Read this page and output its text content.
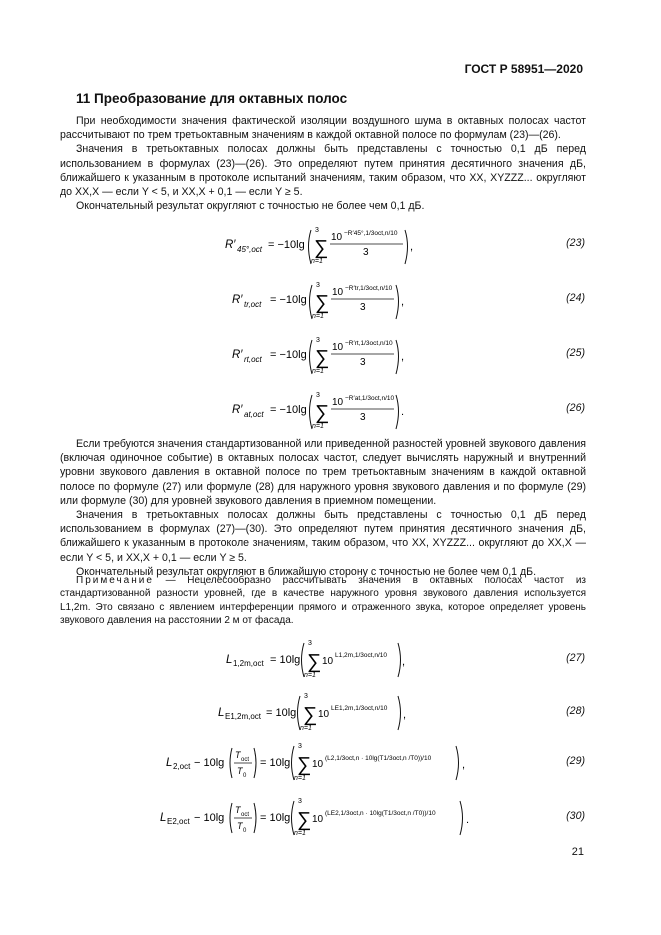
ГОСТ Р 58951—2020
11 Преобразование для октавных полос

При необходимости значения фактической изоляции воздушного шума в октавных полосах частот рассчитывают по трем третьоктавным значениям в каждой октавной полосе по формулам (23)—(26).

Значения в третьоктавных полосах должны быть представлены с точностью 0,1 дБ перед использованием в формулах (23)—(26). Это определяют путем принятия десятичного значения дБ, ближайшего к указанным в протоколе испытаний значениям, таким образом, что XX, XYZZZ... округляют до XX,X — если Y < 5, и XX,X + 0,1 — если Y ≥ 5.

Окончательный результат округляют с точностью не более чем 0,1 дБ.

R′ 45°,oct = −10lg
3
∑
n=1
10 −R′45°,1/3oct,n/10
3	,	(23)
R′ tr,oct = −10lg
3
∑
n=1
10 −R′tr,1/3oct,n/10
3	,	(24)
R′ rt,oct = −10lg
3
∑
n=1
10 −R′rt,1/3oct,n/10
3	,	(25)
R′ at,oct = −10lg
3
∑
n=1
10 −R′at,1/3oct,n/10
3	.	(26)

Если требуются значения стандартизованной или приведенной разностей уровней звукового давления (включая одиночное событие) в октавных полосах частот, следует вычислять наружный и внутренний уровни звукового давления в октавной полосе по трем третьоктавным значениям в каждой октавной полосе по формуле (27) или формуле (28) для наружного уровня звукового давления и по формуле (29) или формуле (30) для уровней звукового давления в приемном помещении.

Значения в третьоктавных полосах должны быть представлены с точностью 0,1 дБ перед использованием в формулах (27)—(30). Это определяют путем принятия десятичного значения дБ, ближайшего к указанным в протоколе значениям, таким образом, что XX, XYZZZ... округляют до XX,X — если Y < 5, и XX,X + 0,1 — если Y ≥ 5.

Окончательный результат округляют в ближайшую сторону с точностью не более чем 0,1 дБ.

Примечание — Нецелесообразно рассчитывать значения в октавных полосах частот из стандартизованной разности уровней, где в качестве наружного уровня звукового давления используется L1,2m. Это связано с явлением интерференции прямого и отраженного звука, которое определяет уровень звукового давления на расстоянии 2 м от фасада.
L 1,2m,oct = 10lg
3
∑
n=1
10
L1,2m,1/3oct,n/10
,	(27)
L E1,2m,oct = 10lg
3
∑
n=1
10
LE1,2m,1/3oct,n/10
,	(28)
L 2,oct − 10lg
T oct
T 0
= 10lg
3
∑
n=1
10
(L2,1/3oct,n · 10lg(T1/3oct,n /T0))/10
,	(29)
L E2,oct − 10lg
T oct
T 0
= 10lg
3
∑
n=1
10
(LE2,1/3oct,n · 10lg(T1/3oct,n /T0))/10
.	(30)
21
